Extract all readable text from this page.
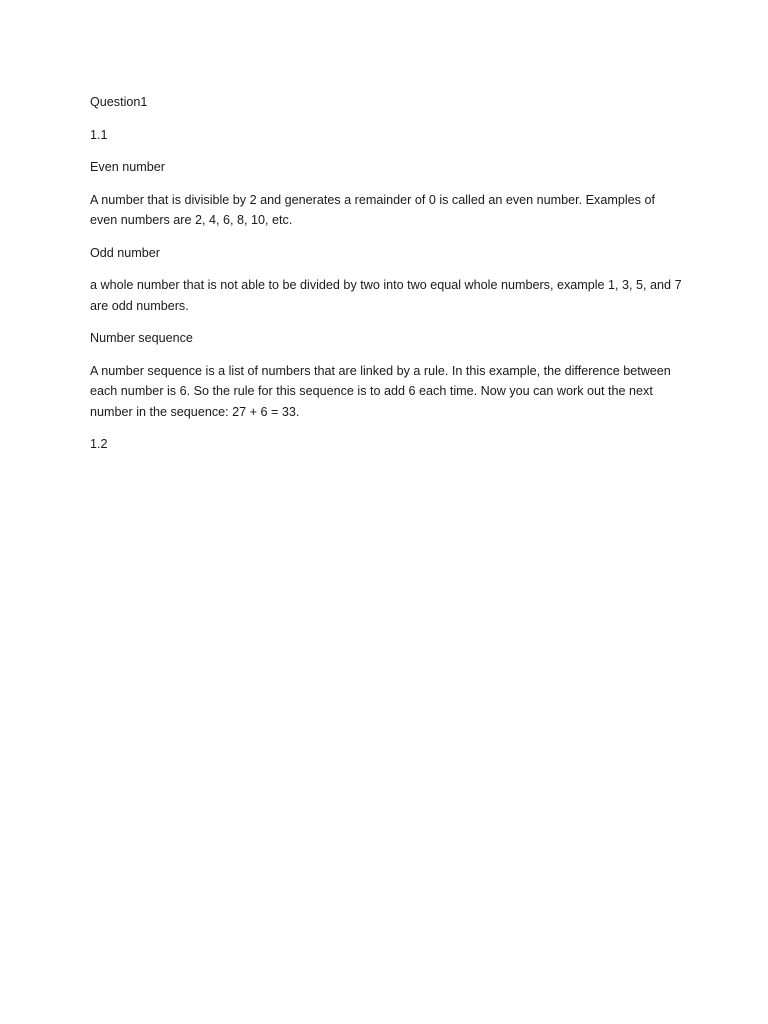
Question1

1.1

Even number

A number that is divisible by 2 and generates a remainder of 0 is called an even number. Examples of even numbers are 2, 4, 6, 8, 10, etc.

Odd number

a whole number that is not able to be divided by two into two equal whole numbers, example 1, 3, 5, and 7 are odd numbers.

Number sequence

A number sequence is a list of numbers that are linked by a rule. In this example, the difference between each number is 6. So the rule for this sequence is to add 6 each time. Now you can work out the next number in the sequence: 27 + 6 = 33.

1.2
